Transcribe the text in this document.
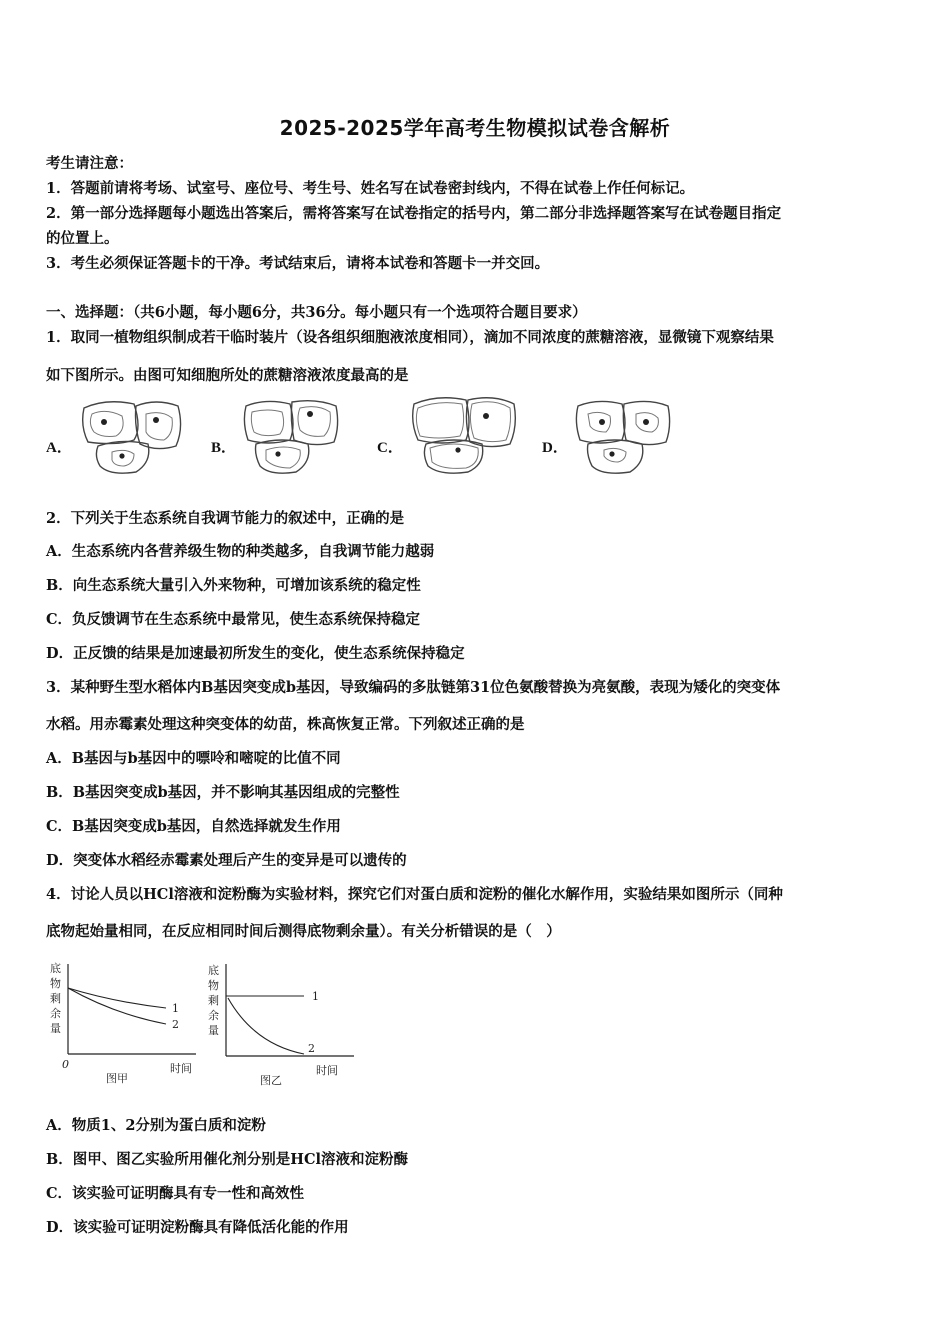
2025-2025学年高考生物模拟试卷含解析
考生请注意：
1．答题前请将考场、试室号、座位号、考生号、姓名写在试卷密封线内，不得在试卷上作任何标记。
2．第一部分选择题每小题选出答案后，需将答案写在试卷指定的括号内，第二部分非选择题答案写在试卷题目指定
的位置上。
3．考生必须保证答题卡的干净。考试结束后，请将本试卷和答题卡一并交回。
一、选择题：（共6小题，每小题6分，共36分。每小题只有一个选项符合题目要求）
1．取同一植物组织制成若干临时装片（设各组织细胞液浓度相同），滴加不同浓度的蔗糖溶液，显微镜下观察结果
如下图所示。由图可知细胞所处的蔗糖溶液浓度最高的是
A．	B．	C．	D．
2．下列关于生态系统自我调节能力的叙述中，正确的是
A．生态系统内各营养级生物的种类越多，自我调节能力越弱
B．向生态系统大量引入外来物种，可增加该系统的稳定性
C．负反馈调节在生态系统中最常见，使生态系统保持稳定
D．正反馈的结果是加速最初所发生的变化，使生态系统保持稳定
3．某种野生型水稻体内B基因突变成b基因，导致编码的多肽链第31位色氨酸替换为亮氨酸，表现为矮化的突变体
水稻。用赤霉素处理这种突变体的幼苗，株高恢复正常。下列叙述正确的是
A．B基因与b基因中的嘌呤和嘧啶的比值不同
B．B基因突变成b基因，并不影响其基因组成的完整性
C．B基因突变成b基因，自然选择就发生作用
D．突变体水稻经赤霉素处理后产生的变异是可以遗传的
4．讨论人员以HCl溶液和淀粉酶为实验材料，探究它们对蛋白质和淀粉的催化水解作用，实验结果如图所示（同种
底物起始量相同，在反应相同时间后测得底物剩余量）。有关分析错误的是（　）
底
物
剩
余
量
0
1
2
时间
图甲
底
物
剩
余
量
1
2
时间
图乙
A．物质1、2分别为蛋白质和淀粉
B．图甲、图乙实验所用催化剂分别是HCl溶液和淀粉酶
C．该实验可证明酶具有专一性和高效性
D．该实验可证明淀粉酶具有降低活化能的作用
